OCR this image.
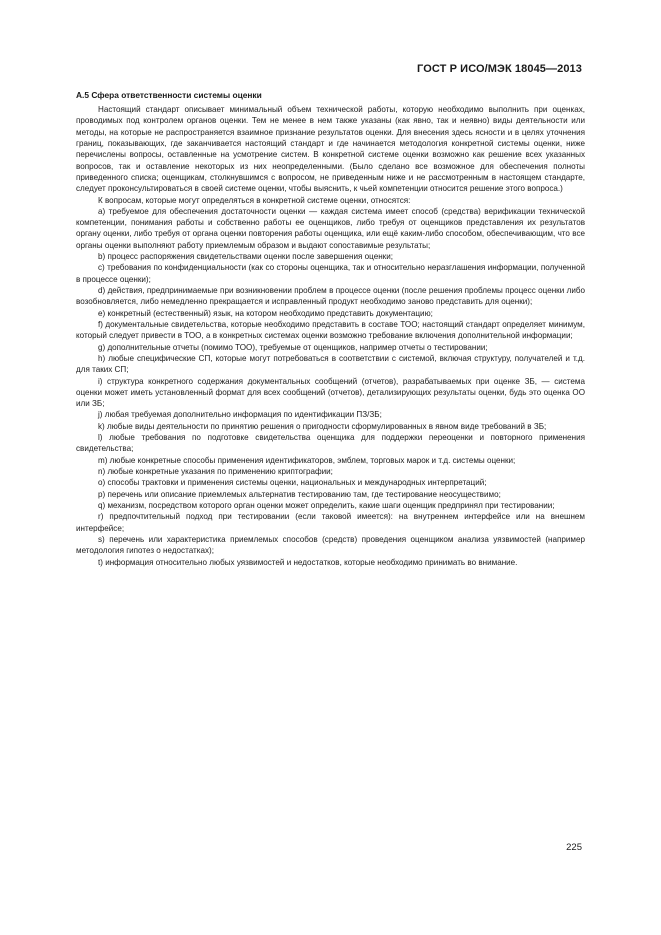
ГОСТ Р ИСО/МЭК 18045—2013
A.5 Сфера ответственности системы оценки

Настоящий стандарт описывает минимальный объем технической работы, которую необходимо выполнить при оценках, проводимых под контролем органов оценки. Тем не менее в нем также указаны (как явно, так и неявно) виды деятельности или методы, на которые не распространяется взаимное признание результатов оценки. Для внесения здесь ясности и в целях уточнения границ, показывающих, где заканчивается настоящий стандарт и где начинается методология конкретной системы оценки, ниже перечислены вопросы, оставленные на усмотрение систем. В конкретной системе оценки возможно как решение всех указанных вопросов, так и оставление некоторых из них неопределенными. (Было сделано все возможное для обеспечения полноты приведенного списка; оценщикам, столкнувшимся с вопросом, не приведенным ниже и не рассмотренным в настоящем стандарте, следует проконсультироваться в своей системе оценки, чтобы выяснить, к чьей компетенции относится решение этого вопроса.)

К вопросам, которые могут определяться в конкретной системе оценки, относятся:

a) требуемое для обеспечения достаточности оценки — каждая система имеет способ (средства) верификации технической компетенции, понимания работы и собственно работы ее оценщиков, либо требуя от оценщиков представления их результатов органу оценки, либо требуя от органа оценки повторения работы оценщика, или ещё каким-либо способом, обеспечивающим, что все органы оценки выполняют работу приемлемым образом и выдают сопоставимые результаты;

b) процесс распоряжения свидетельствами оценки после завершения оценки;

c) требования по конфиденциальности (как со стороны оценщика, так и относительно неразглашения информации, полученной в процессе оценки);

d) действия, предпринимаемые при возникновении проблем в процессе оценки (после решения проблемы процесс оценки либо возобновляется, либо немедленно прекращается и исправленный продукт необходимо заново представить для оценки);

e) конкретный (естественный) язык, на котором необходимо представить документацию;

f) документальные свидетельства, которые необходимо представить в составе ТОО; настоящий стандарт определяет минимум, который следует привести в ТОО, а в конкретных системах оценки возможно требование включения дополнительной информации;

g) дополнительные отчеты (помимо ТОО), требуемые от оценщиков, например отчеты о тестировании;

h) любые специфические СП, которые могут потребоваться в соответствии с системой, включая структуру, получателей и т.д. для таких СП;

i) структура конкретного содержания документальных сообщений (отчетов), разрабатываемых при оценке ЗБ, — система оценки может иметь установленный формат для всех сообщений (отчетов), детализирующих результаты оценки, будь это оценка ОО или ЗБ;

j) любая требуемая дополнительно информация по идентификации ПЗ/ЗБ;

k) любые виды деятельности по принятию решения о пригодности сформулированных в явном виде требований в ЗБ;

l) любые требования по подготовке свидетельства оценщика для поддержки переоценки и повторного применения свидетельства;

m) любые конкретные способы применения идентификаторов, эмблем, торговых марок и т.д. системы оценки;

n) любые конкретные указания по применению криптографии;

o) способы трактовки и применения системы оценки, национальных и международных интерпретаций;

p) перечень или описание приемлемых альтернатив тестированию там, где тестирование неосуществимо;

q) механизм, посредством которого орган оценки может определить, какие шаги оценщик предпринял при тестировании;

r) предпочтительный подход при тестировании (если таковой имеется): на внутреннем интерфейсе или на внешнем интерфейсе;

s) перечень или характеристика приемлемых способов (средств) проведения оценщиком анализа уязвимостей (например методология гипотез о недостатках);

t) информация относительно любых уязвимостей и недостатков, которые необходимо принимать во внимание.

225
